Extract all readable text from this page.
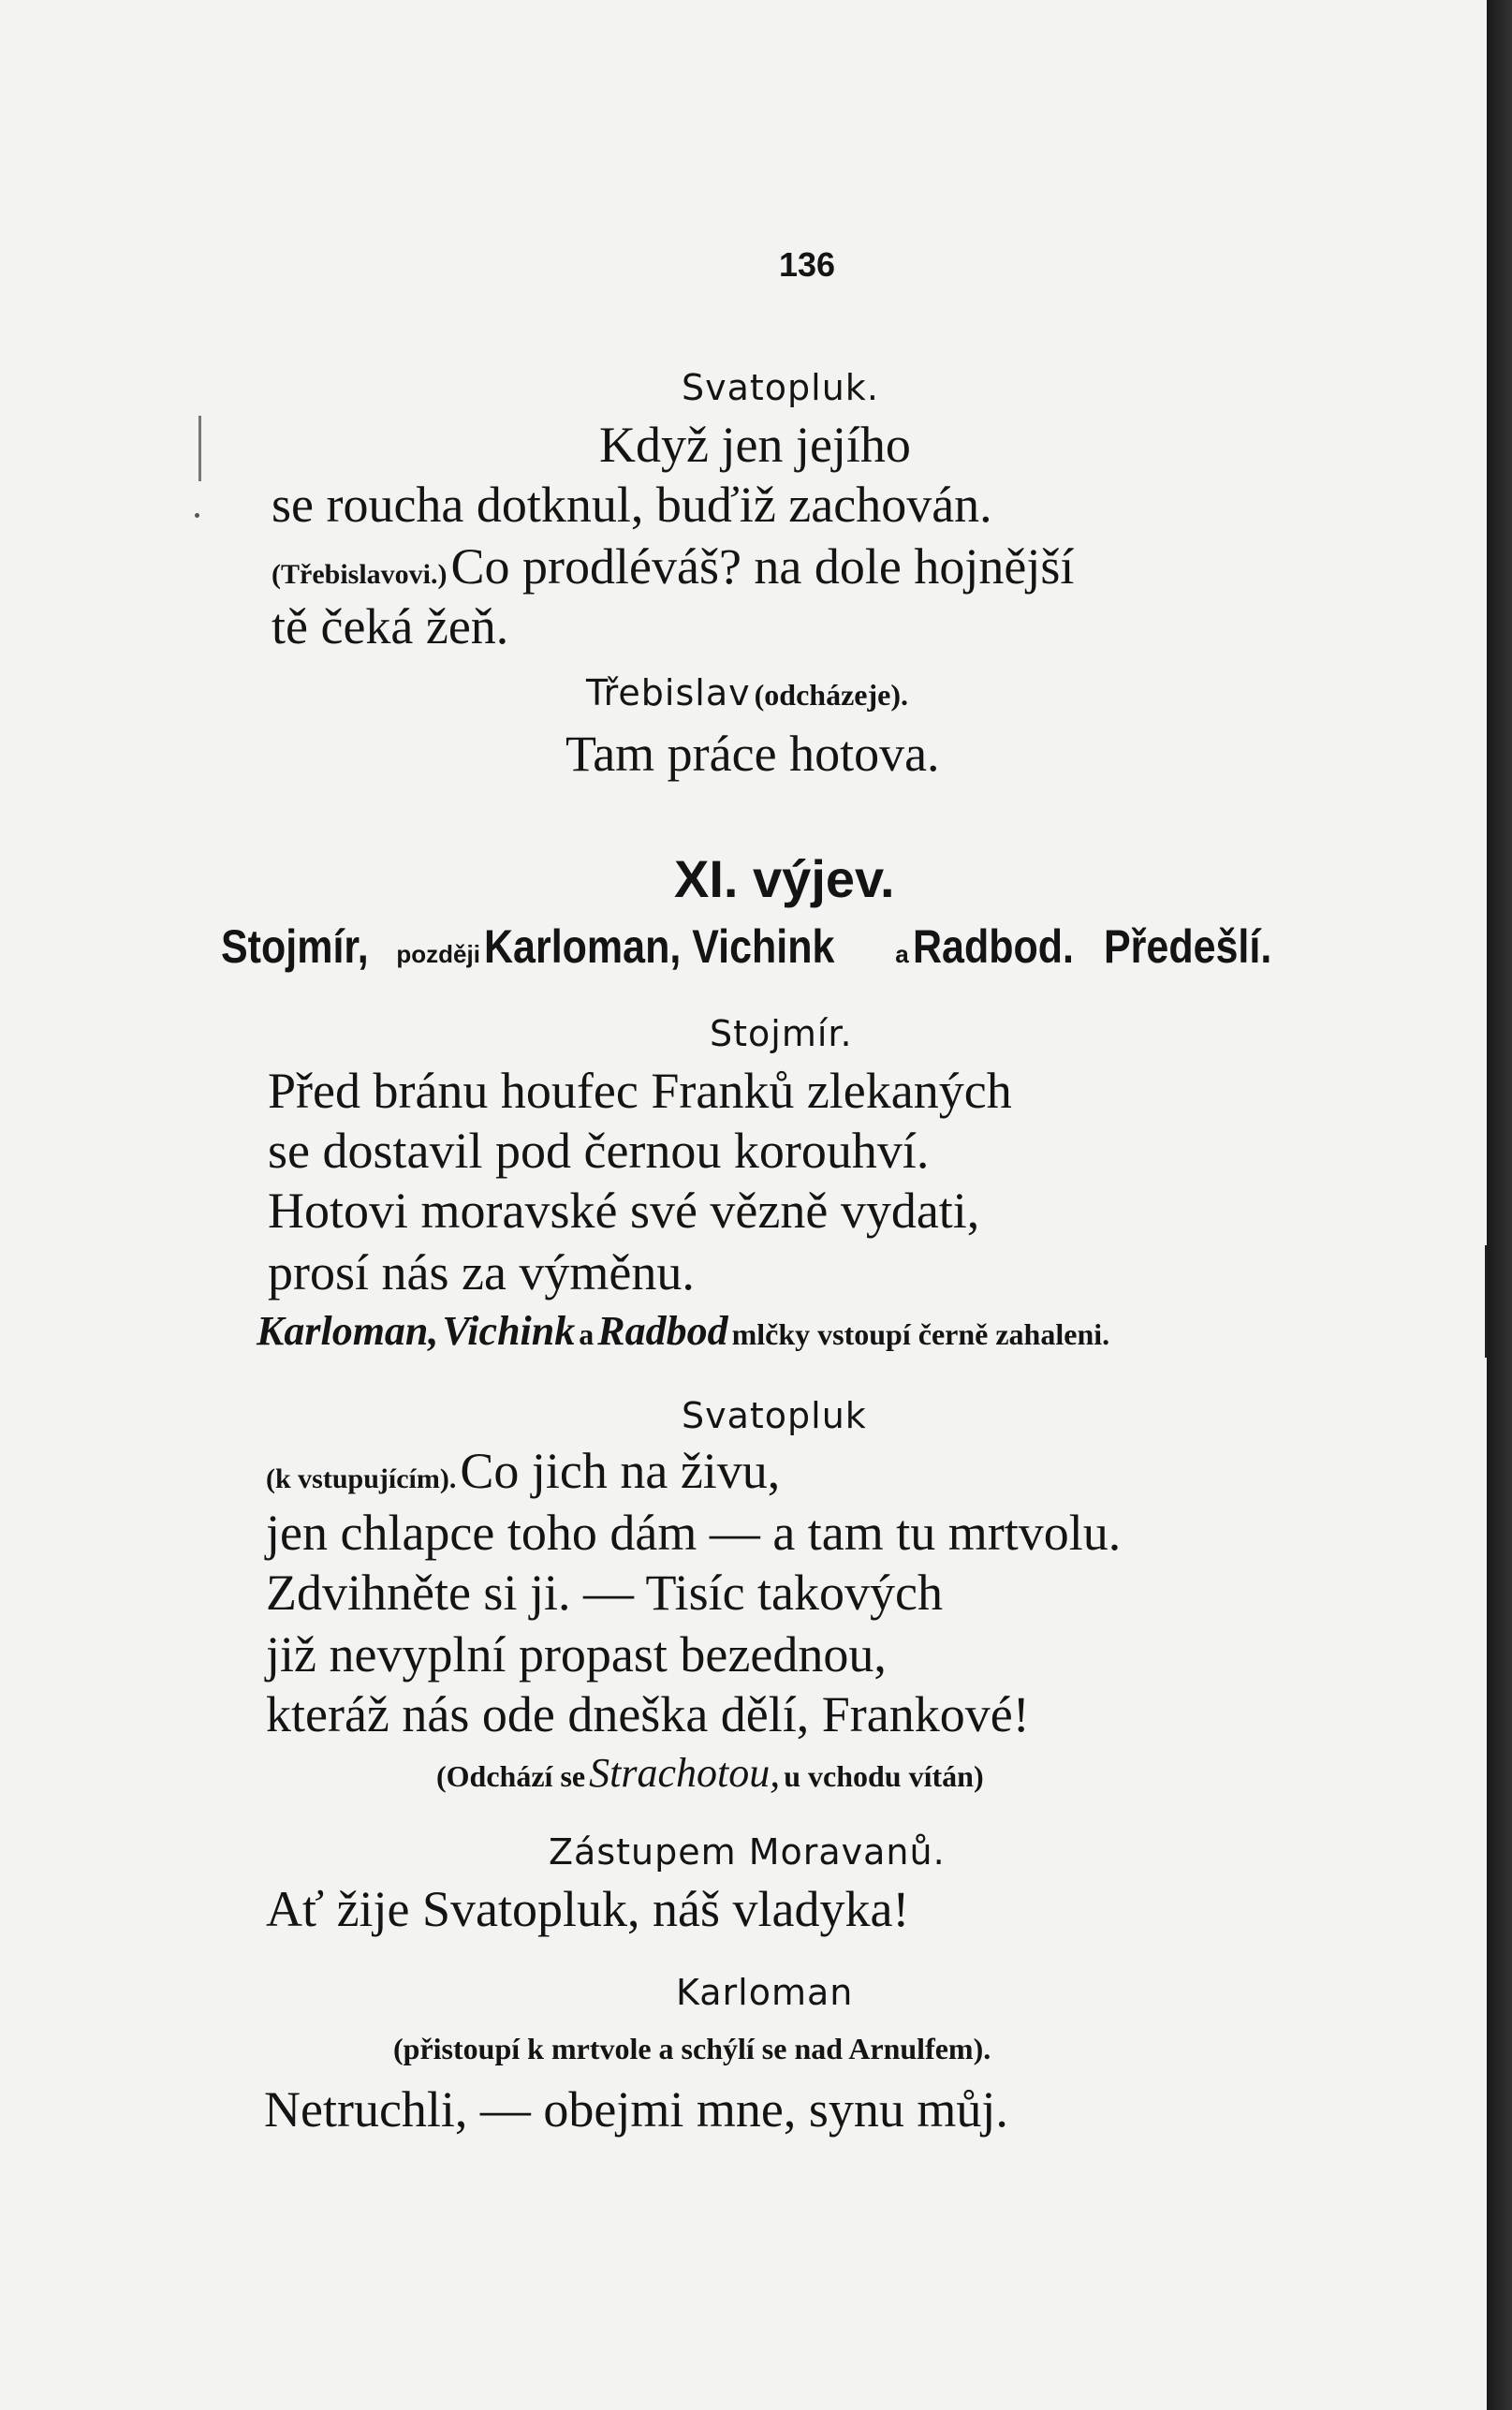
136
Svatopluk.
Když jen jejího
se roucha dotknul, buďiž zachován.
(Třebislavovi.) Co prodléváš? na dole hojnější
tě čeká žeň.
Třebislav (odcházeje).
Tam práce hotova.
XI. výjev.
Stojmír, později Karloman, Vichink a Radbod. Předešlí.
Stojmír.
Před bránu houfec Franků zlekaných
se dostavil pod černou korouhví.
Hotovi moravské své vězně vydati,
prosí nás za výměnu.
Karloman, Vichink a Radbod mlčky vstoupí černě zahaleni.
Svatopluk
(k vstupujícím). Co jich na živu,
jen chlapce toho dám — a tam tu mrtvolu.
Zdvihněte si ji. — Tisíc takových
již nevyplní propast bezednou,
kteráž nás ode dneška dělí, Frankové!
(Odchází se Strachotou, u vchodu vítán)
Zástupem Moravanů.
Ať žije Svatopluk, náš vladyka!
Karloman
(přistoupí k mrtvole a schýlí se nad Arnulfem).
Netruchli, — obejmi mne, synu můj.
